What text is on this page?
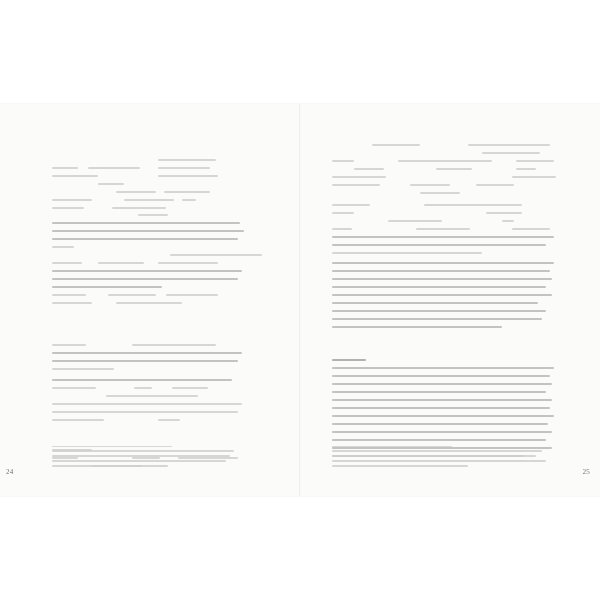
24	25
